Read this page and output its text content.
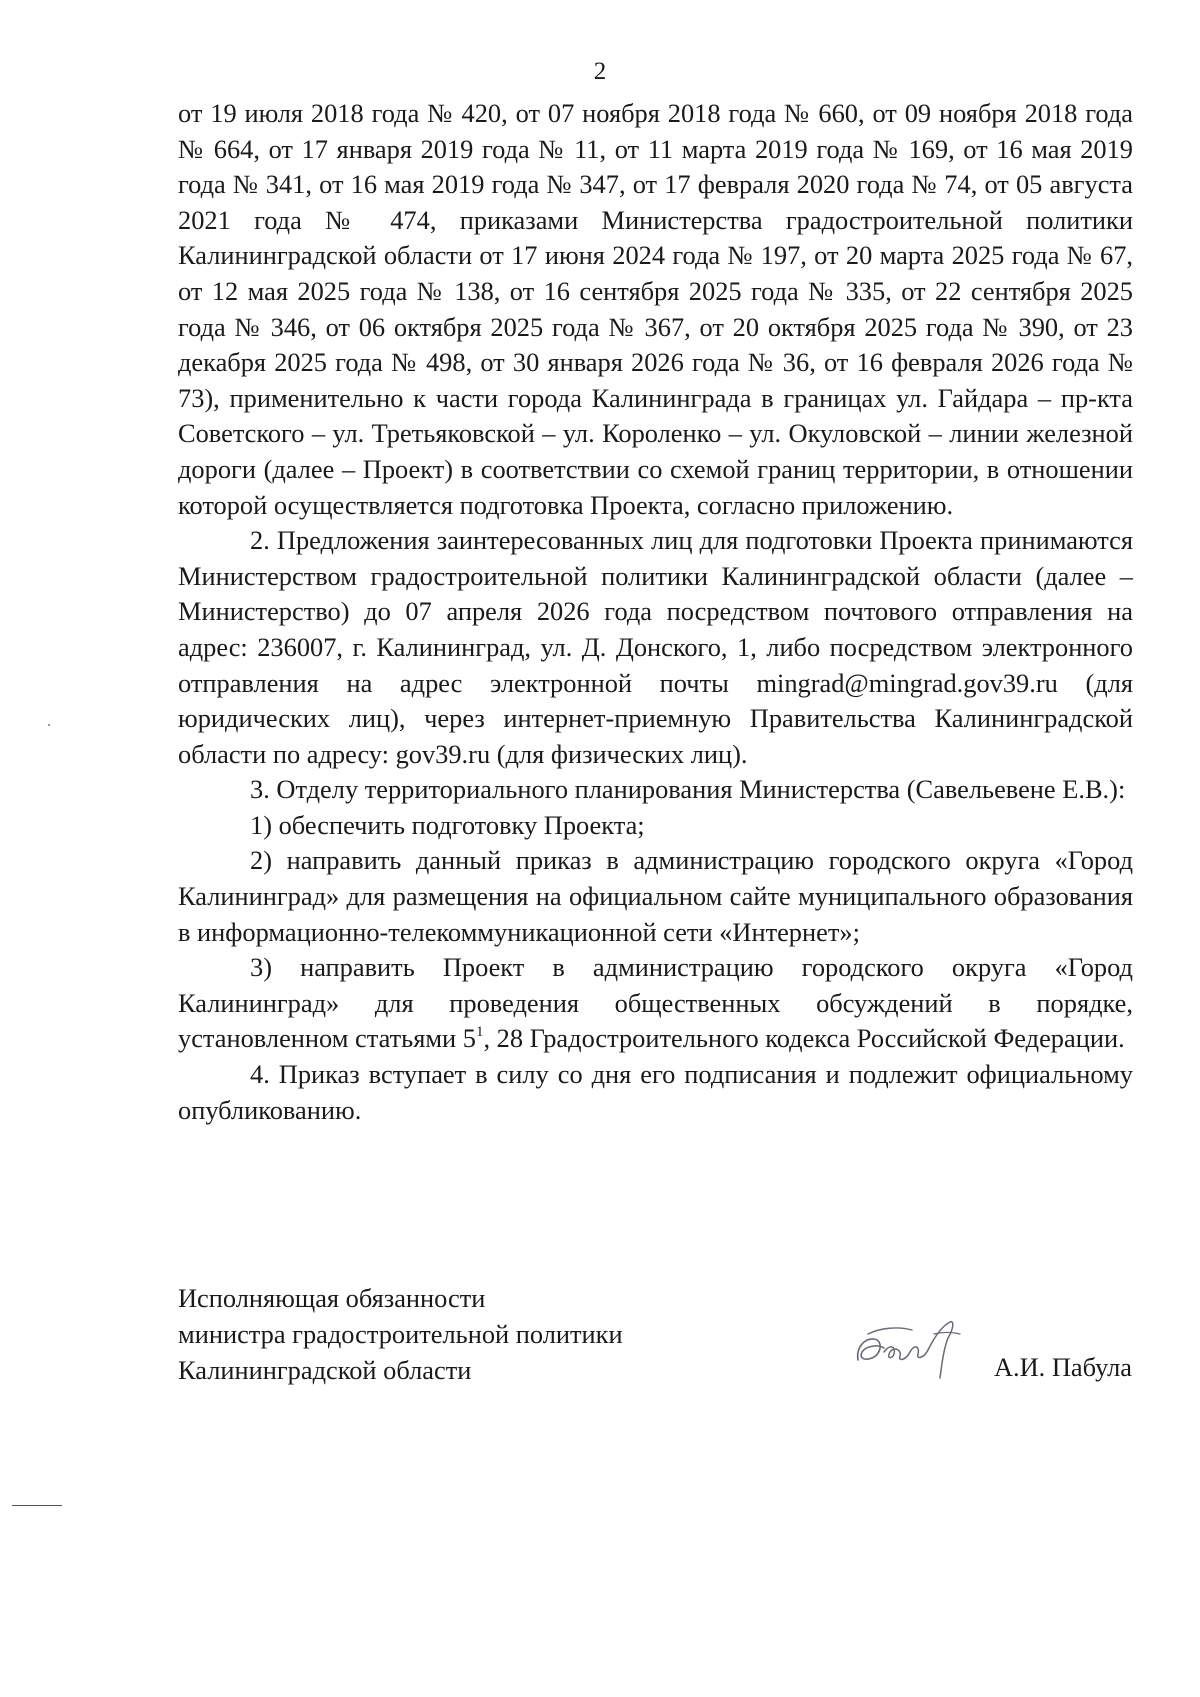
2

от 19 июля 2018 года № 420, от 07 ноября 2018 года № 660, от 09 ноября 2018 года № 664, от 17 января 2019 года № 11, от 11 марта 2019 года № 169, от 16 мая 2019 года № 341, от 16 мая 2019 года № 347, от 17 февраля 2020 года № 74, от 05 августа 2021 года № 474, приказами Министерства градостроительной политики Калининградской области от 17 июня 2024 года № 197, от 20 марта 2025 года № 67, от 12 мая 2025 года № 138, от 16 сентября 2025 года № 335, от 22 сентября 2025 года № 346, от 06 октября 2025 года № 367, от 20 октября 2025 года № 390, от 23 декабря 2025 года № 498, от 30 января 2026 года № 36, от 16 февраля 2026 года № 73), применительно к части города Калининграда в границах ул. Гайдара – пр-кта Советского – ул. Третьяковской – ул. Короленко – ул. Окуловской – линии железной дороги (далее – Проект) в соответствии со схемой границ территории, в отношении которой осуществляется подготовка Проекта, согласно приложению.

2. Предложения заинтересованных лиц для подготовки Проекта принимаются Министерством градостроительной политики Калининградской области (далее – Министерство) до 07 апреля 2026 года посредством почтового отправления на адрес: 236007, г. Калининград, ул. Д. Донского, 1, либо посредством электронного отправления на адрес электронной почты mingrad@mingrad.gov39.ru (для юридических лиц), через интернет-приемную Правительства Калининградской области по адресу: gov39.ru (для физических лиц).

3. Отделу территориального планирования Министерства (Савельевене Е.В.):

1) обеспечить подготовку Проекта;

2) направить данный приказ в администрацию городского округа «Город Калининград» для размещения на официальном сайте муниципального образования в информационно-телекоммуникационной сети «Интернет»;

3) направить Проект в администрацию городского округа «Город Калининград» для проведения общественных обсуждений в порядке, установленном статьями $5^1$, 28 Градостроительного кодекса Российской Федерации.

4. Приказ вступает в силу со дня его подписания и подлежит официальному опубликованию.

Исполняющая обязанности
министра градостроительной политики
Калининградской области	А.И. Пабула
